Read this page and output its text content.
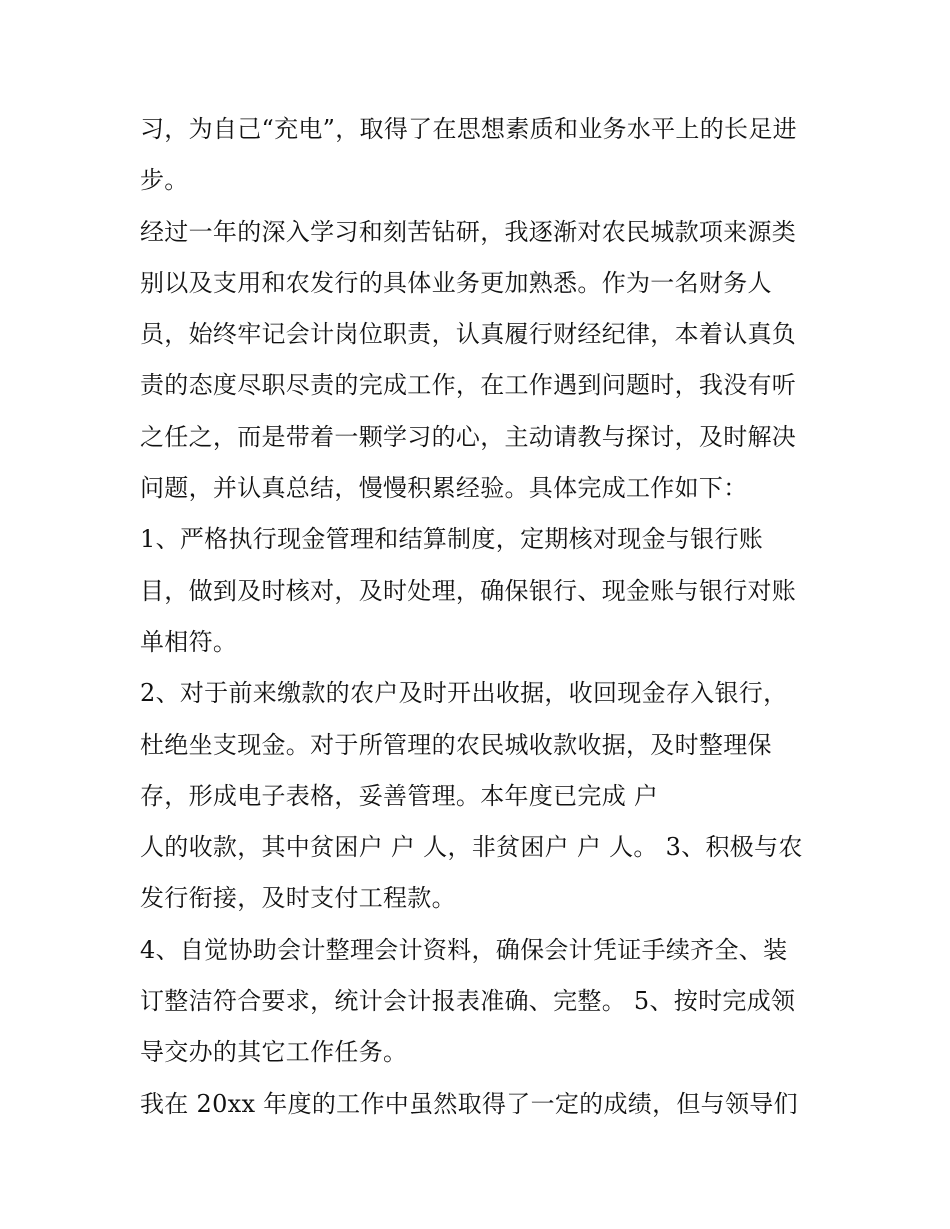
习，为自己“充电”，取得了在思想素质和业务水平上的长足进
步。
经过一年的深入学习和刻苦钻研，我逐渐对农民城款项来源类
别以及支用和农发行的具体业务更加熟悉。作为一名财务人
员，始终牢记会计岗位职责，认真履行财经纪律，本着认真负
责的态度尽职尽责的完成工作，在工作遇到问题时，我没有听
之任之，而是带着一颗学习的心，主动请教与探讨，及时解决
问题，并认真总结，慢慢积累经验。具体完成工作如下：
1、严格执行现金管理和结算制度，定期核对现金与银行账
目，做到及时核对，及时处理，确保银行、现金账与银行对账
单相符。
2、对于前来缴款的农户及时开出收据，收回现金存入银行，
杜绝坐支现金。对于所管理的农民城收款收据，及时整理保
存，形成电子表格，妥善管理。本年度已完成 户
人的收款，其中贫困户 户 人，非贫困户 户 人。 3、积极与农
发行衔接，及时支付工程款。
4、自觉协助会计整理会计资料，确保会计凭证手续齐全、装
订整洁符合要求，统计会计报表准确、完整。 5、按时完成领
导交办的其它工作任务。
我在 20xx 年度的工作中虽然取得了一定的成绩，但与领导们
